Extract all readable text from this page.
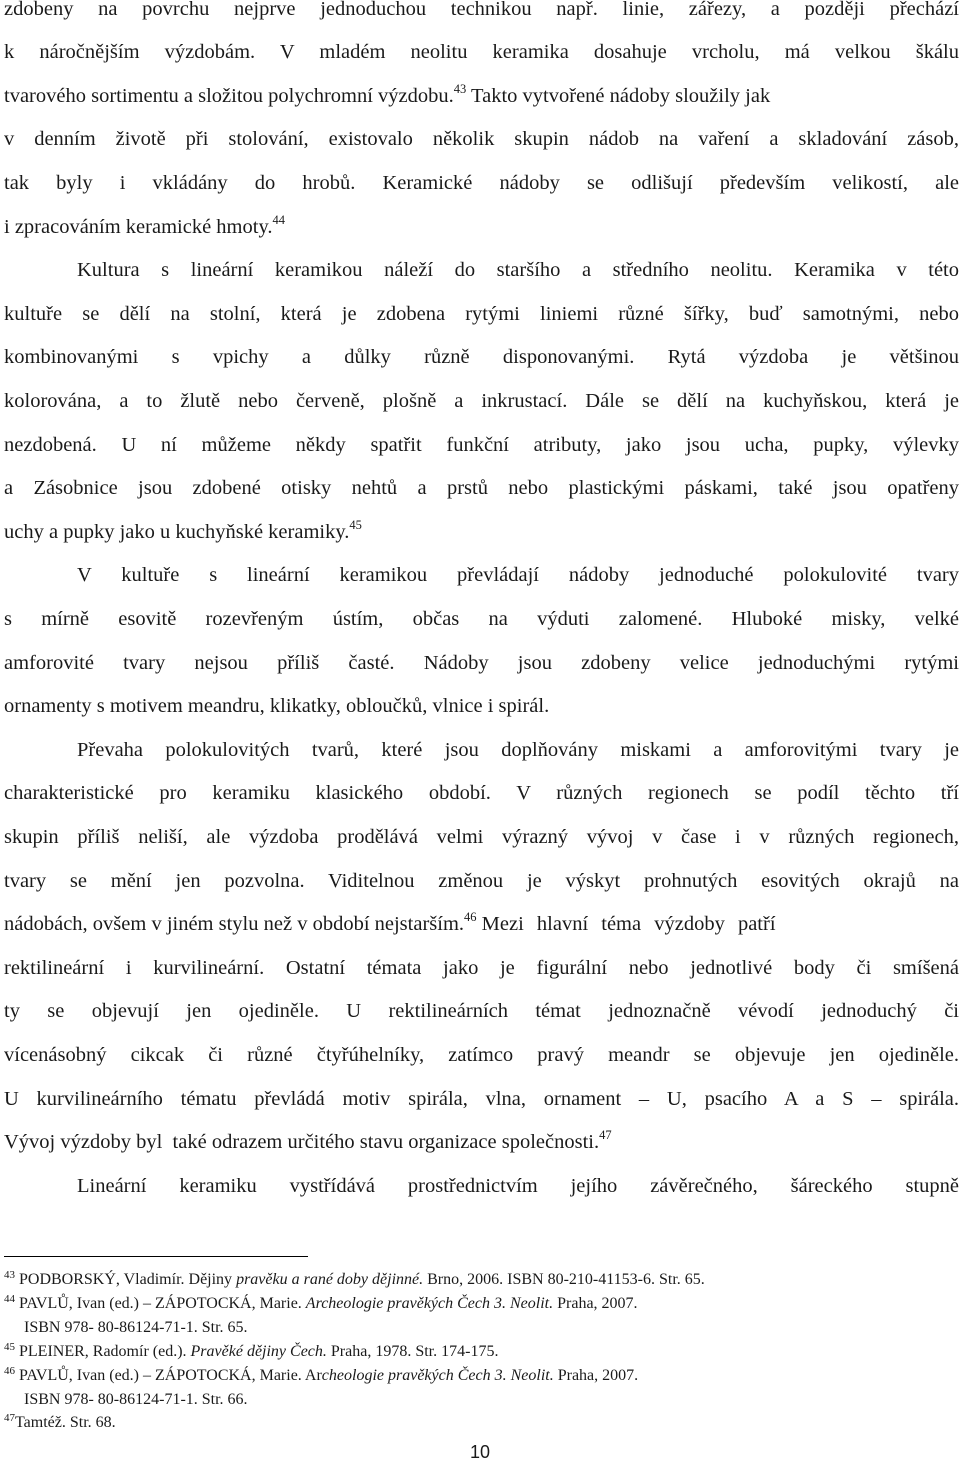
zdobeny na povrchu nejprve jednoduchou technikou např. linie, zářezy, a později přechází
k náročnějším výzdobám. V mladém neolitu keramika dosahuje vrcholu, má velkou škálu
tvarového sortimentu a složitou polychromní výzdobu.$^{43}$ Takto vytvořené nádoby sloužily jak
v denním životě při stolování, existovalo několik skupin nádob na vaření a skladování zásob,
tak byly i vkládány do hrobů. Keramické nádoby se odlišují především velikostí, ale
i zpracováním keramické hmoty.$^{44}$
Kultura s lineární keramikou náleží do staršího a středního neolitu. Keramika v této
kultuře se dělí na stolní, která je zdobena rytými liniemi různé šířky, buď samotnými, nebo
kombinovanými s vpichy a důlky různě disponovanými. Rytá výzdoba je většinou
kolorována, a to žlutě nebo červeně, plošně a inkrustací. Dále se dělí na kuchyňskou, která je
nezdobená. U ní můžeme někdy spatřit funkční atributy, jako jsou ucha, pupky, výlevky
a Zásobnice jsou zdobené otisky nehtů a prstů nebo plastickými páskami, také jsou opatřeny
uchy a pupky jako u kuchyňské keramiky.$^{45}$
V kultuře s lineární keramikou převládají nádoby jednoduché polokulovité tvary
s mírně esovitě rozevřeným ústím, občas na výduti zalomené. Hluboké misky, velké
amforovité tvary nejsou příliš časté. Nádoby jsou zdobeny velice jednoduchými rytými
ornamenty s motivem meandru, klikatky, obloučků, vlnice i spirál.
Převaha polokulovitých tvarů, které jsou doplňovány miskami a amforovitými tvary je
charakteristické pro keramiku klasického období. V různých regionech se podíl těchto tří
skupin příliš neliší, ale výzdoba prodělává velmi výrazný vývoj v čase i v různých regionech,
tvary se mění jen pozvolna. Viditelnou změnou je výskyt prohnutých esovitých okrajů na
nádobách, ovšem v jiném stylu než v období nejstarším.$^{46}$ Mezi hlavní téma výzdoby patří
rektilineární i kurvilineární. Ostatní témata jako je figurální nebo jednotlivé body či smíšená
ty se objevují jen ojediněle. U rektilineárních témat jednoznačně vévodí jednoduchý či
vícenásobný cikcak či různé čtyřúhelníky, zatímco pravý meandr se objevuje jen ojediněle.
U kurvilineárního tématu převládá motiv spirála, vlna, ornament – U, psacího A a S – spirála.
Vývoj výzdoby byl  také odrazem určitého stavu organizace společnosti.$^{47}$
Lineární keramiku vystřídává prostřednictvím jejího závěrečného, šáreckého stupně
$^{43}$ PODBORSKÝ, Vladimír. Dějiny pravěku a rané doby dějinné. Brno, 2006. ISBN 80-210-41153-6. Str. 65.
$^{44}$ PAVLŮ, Ivan (ed.) – ZÁPOTOCKÁ, Marie. Archeologie pravěkých Čech 3. Neolit. Praha, 2007.
ISBN 978- 80-86124-71-1. Str. 65.
$^{45}$ PLEINER, Radomír (ed.). Pravěké dějiny Čech. Praha, 1978. Str. 174-175.
$^{46}$ PAVLŮ, Ivan (ed.) – ZÁPOTOCKÁ, Marie. Archeologie pravěkých Čech 3. Neolit. Praha, 2007.
ISBN 978- 80-86124-71-1. Str. 66.
$^{47}$Tamtéž. Str. 68.
10
